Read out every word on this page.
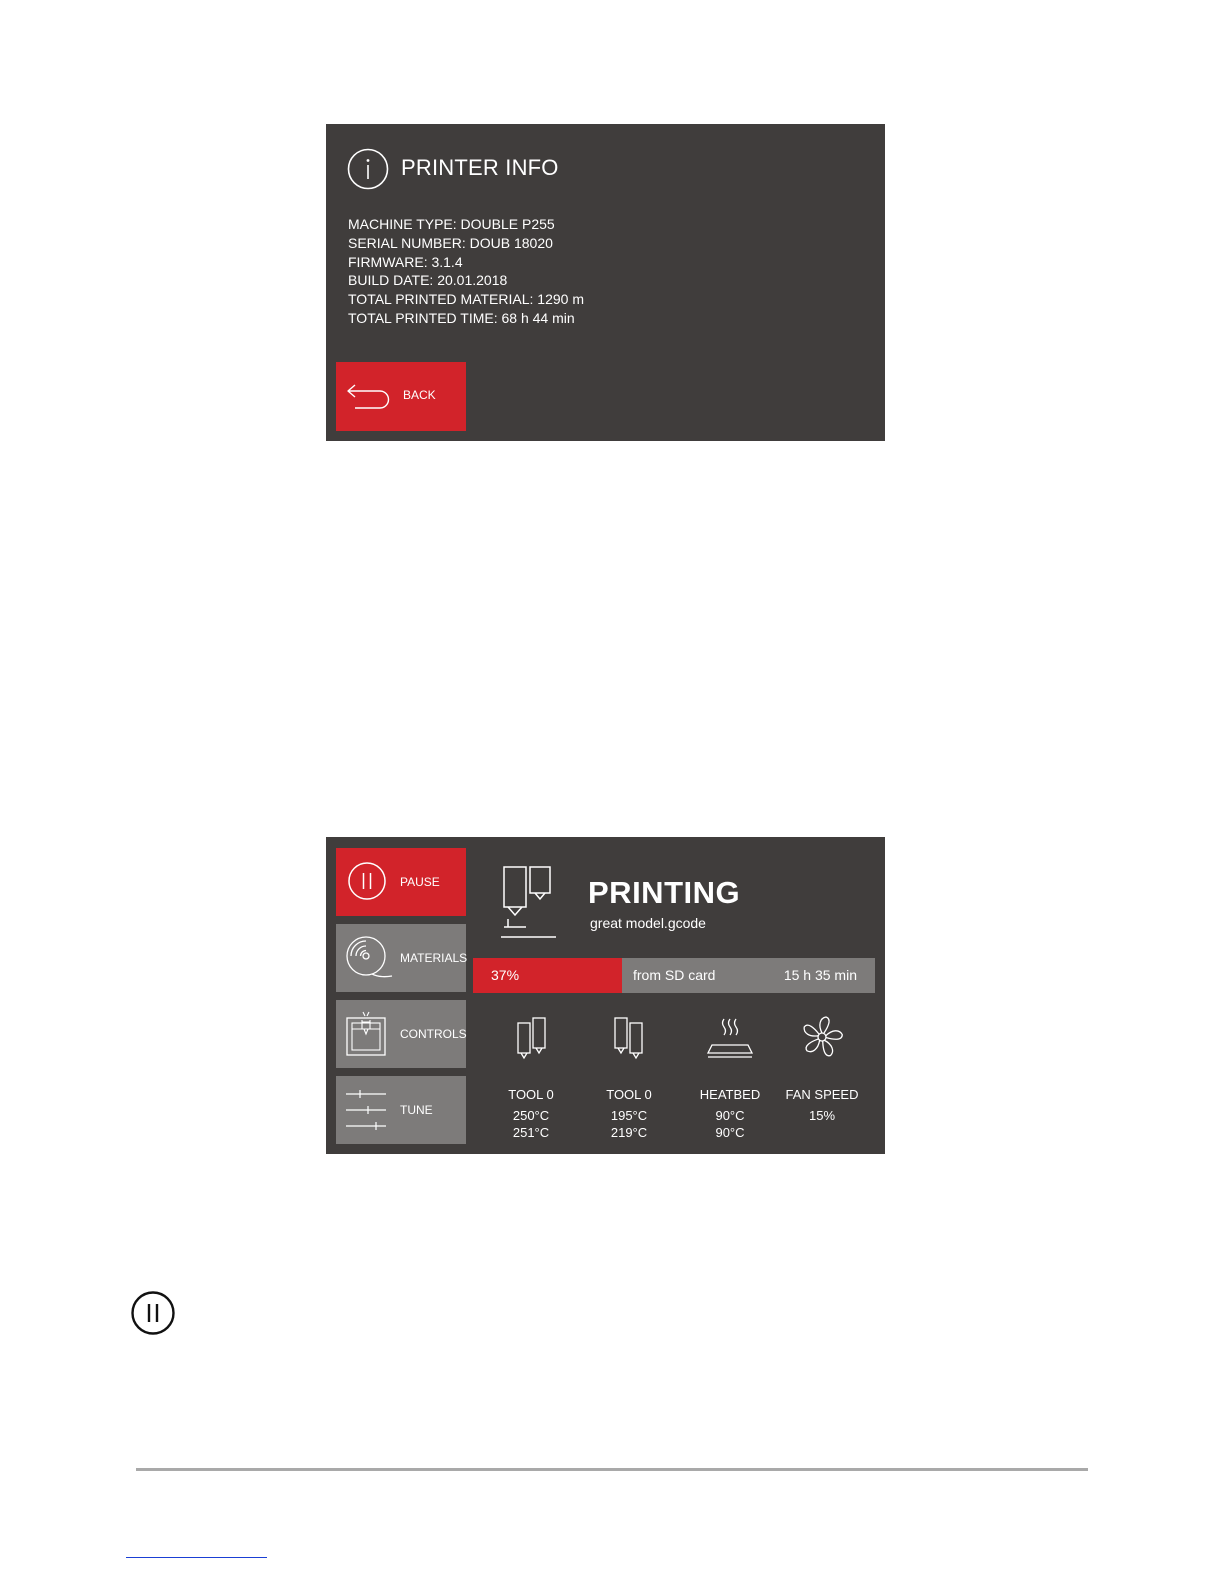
PRINTER INFO
MACHINE TYPE: DOUBLE P255
SERIAL NUMBER: DOUB 18020
FIRMWARE: 3.1.4
BUILD DATE: 20.01.2018
TOTAL PRINTED MATERIAL: 1290 m
TOTAL PRINTED TIME: 68 h 44 min
BACK
PAUSE
MATERIALS
CONTROLS
TUNE
PRINTING
great model.gcode
37%	from SD card	15 h 35 min
TOOL 0
250°C
251°C
TOOL 0
195°C
219°C
HEATBED
90°C
90°C
FAN SPEED
15%
